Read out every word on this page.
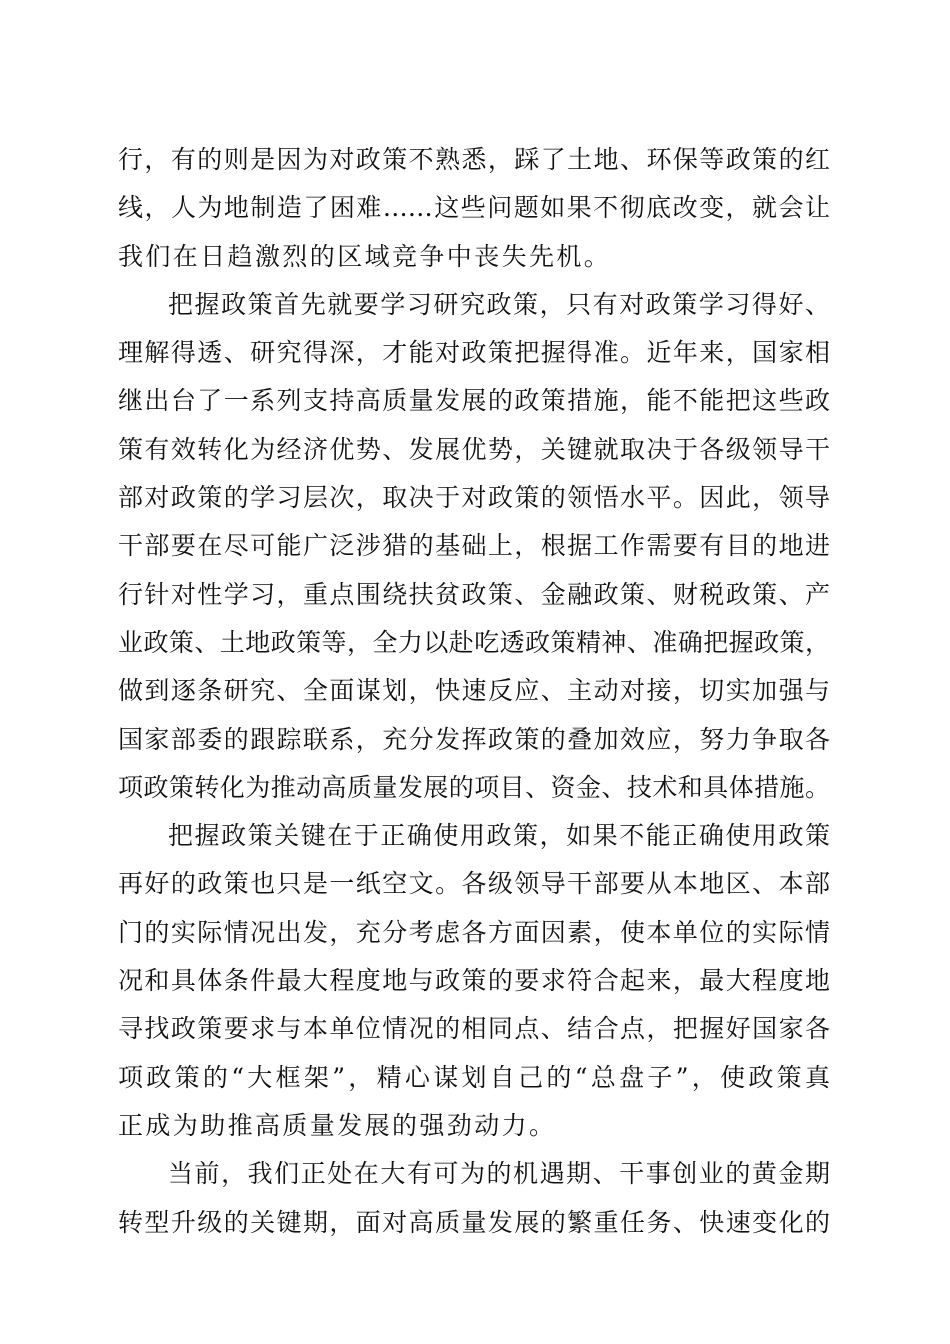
行，有的则是因为对政策不熟悉，踩了土地、环保等政策的红
线，人为地制造了困难……这些问题如果不彻底改变，就会让
我们在日趋激烈的区域竞争中丧失先机。
把握政策首先就要学习研究政策，只有对政策学习得好、
理解得透、研究得深，才能对政策把握得准。近年来，国家相
继出台了一系列支持高质量发展的政策措施，能不能把这些政
策有效转化为经济优势、发展优势，关键就取决于各级领导干
部对政策的学习层次，取决于对政策的领悟水平。因此，领导
干部要在尽可能广泛涉猎的基础上，根据工作需要有目的地进
行针对性学习，重点围绕扶贫政策、金融政策、财税政策、产
业政策、土地政策等，全力以赴吃透政策精神、准确把握政策，
做到逐条研究、全面谋划，快速反应、主动对接，切实加强与
国家部委的跟踪联系，充分发挥政策的叠加效应，努力争取各
项政策转化为推动高质量发展的项目、资金、技术和具体措施。
把握政策关键在于正确使用政策，如果不能正确使用政策
再好的政策也只是一纸空文。各级领导干部要从本地区、本部
门的实际情况出发，充分考虑各方面因素，使本单位的实际情
况和具体条件最大程度地与政策的要求符合起来，最大程度地
寻找政策要求与本单位情况的相同点、结合点，把握好国家各
项政策的“大框架”，精心谋划自己的“总盘子”，使政策真
正成为助推高质量发展的强劲动力。
当前，我们正处在大有可为的机遇期、干事创业的黄金期
转型升级的关键期，面对高质量发展的繁重任务、快速变化的
